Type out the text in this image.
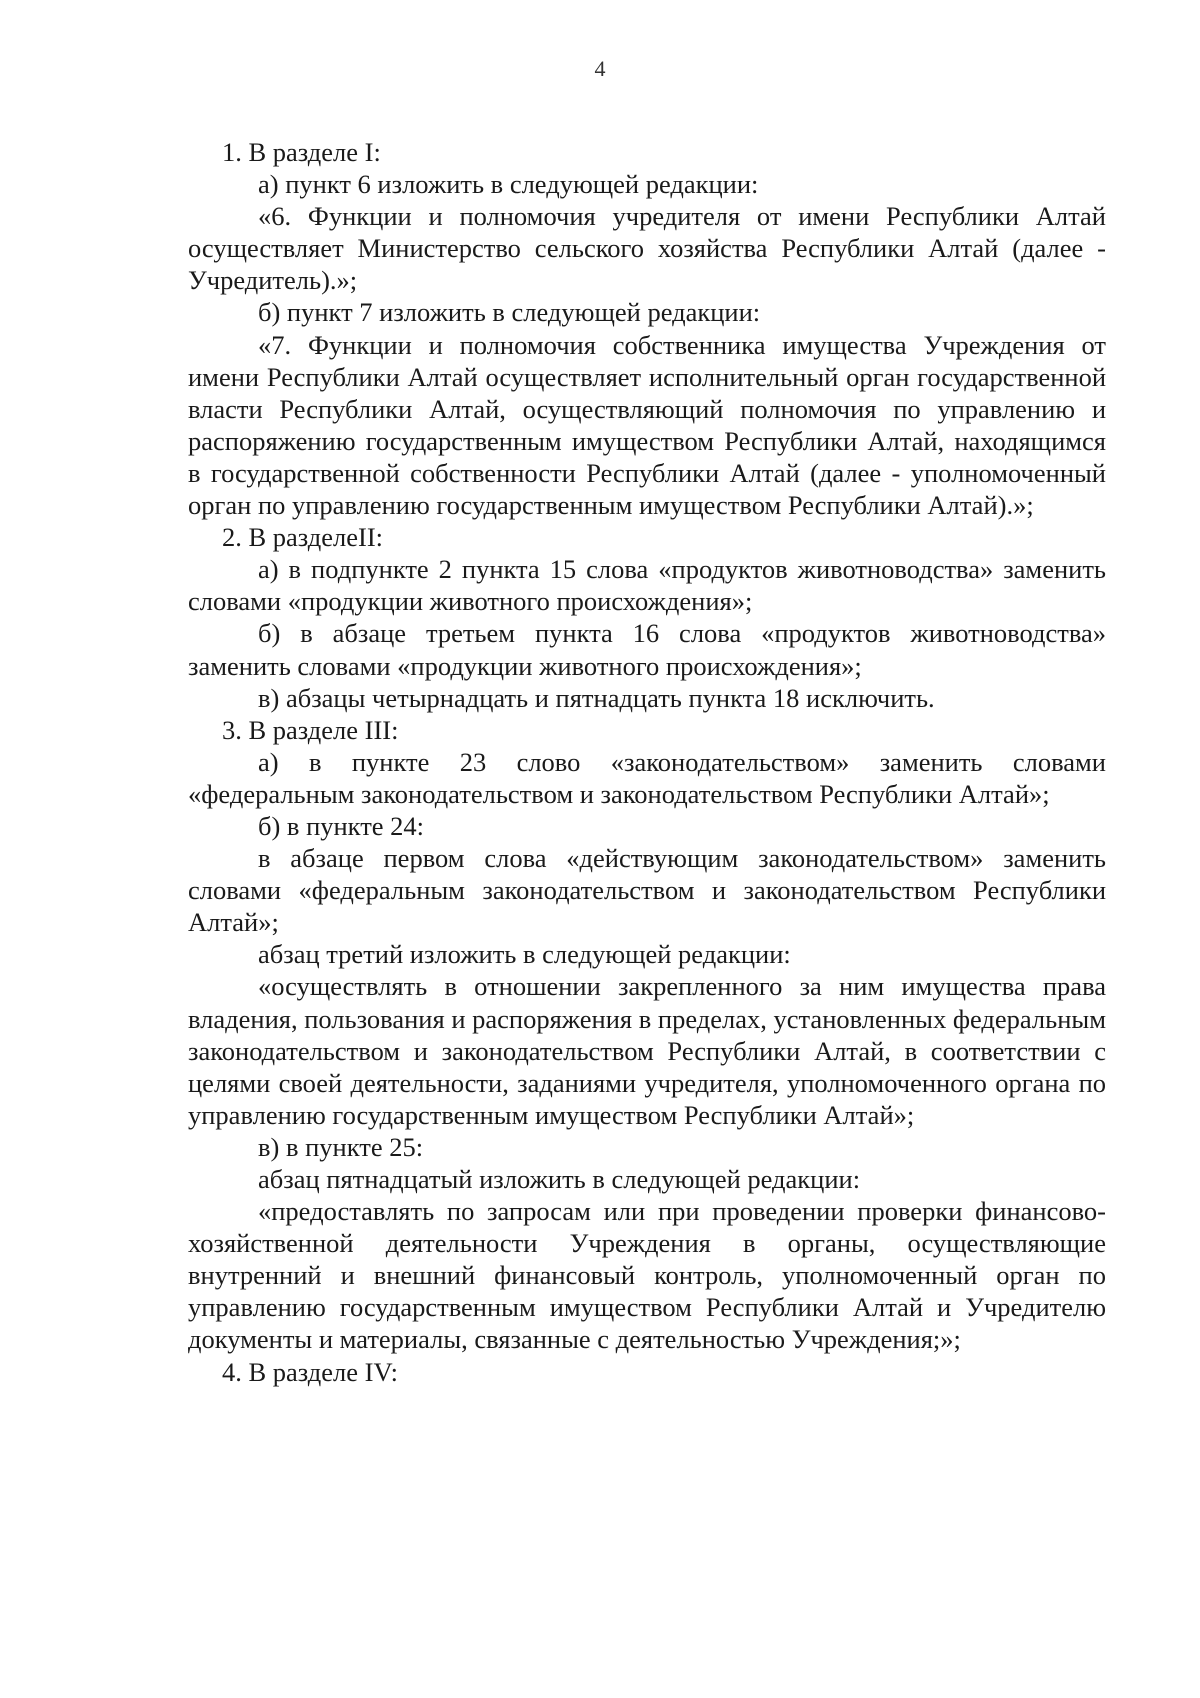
4

1. В разделе I:

а) пункт 6 изложить в следующей редакции:

«6. Функции и полномочия учредителя от имени Республики Алтай осуществляет Министерство сельского хозяйства Республики Алтай (далее - Учредитель).»;

б) пункт 7 изложить в следующей редакции:

«7. Функции и полномочия собственника имущества Учреждения от имени Республики Алтай осуществляет исполнительный орган государственной власти Республики Алтай, осуществляющий полномочия по управлению и распоряжению государственным имуществом Республики Алтай, находящимся в государственной собственности Республики Алтай (далее - уполномоченный орган по управлению государственным имуществом Республики Алтай).»;

2. В разделеII:

а) в подпункте 2 пункта 15 слова «продуктов животноводства» заменить словами «продукции животного происхождения»;

б) в абзаце третьем пункта 16 слова «продуктов животноводства» заменить словами «продукции животного происхождения»;

в) абзацы четырнадцать и пятнадцать пункта 18 исключить.

3. В разделе III:

а) в пункте 23 слово «законодательством» заменить словами «федеральным законодательством и законодательством Республики Алтай»;

б) в пункте 24:

в абзаце первом слова «действующим законодательством» заменить словами «федеральным законодательством и законодательством Республики Алтай»;

абзац третий изложить в следующей редакции:

«осуществлять в отношении закрепленного за ним имущества права владения, пользования и распоряжения в пределах, установленных федеральным законодательством и законодательством Республики Алтай, в соответствии с целями своей деятельности, заданиями учредителя, уполномоченного органа по управлению государственным имуществом Республики Алтай»;

в) в пункте 25:

абзац пятнадцатый изложить в следующей редакции:

«предоставлять по запросам или при проведении проверки финансово-хозяйственной деятельности Учреждения в органы, осуществляющие внутренний и внешний финансовый контроль, уполномоченный орган по управлению государственным имуществом Республики Алтай и Учредителю документы и материалы, связанные с деятельностью Учреждения;»;

4. В разделе IV:
